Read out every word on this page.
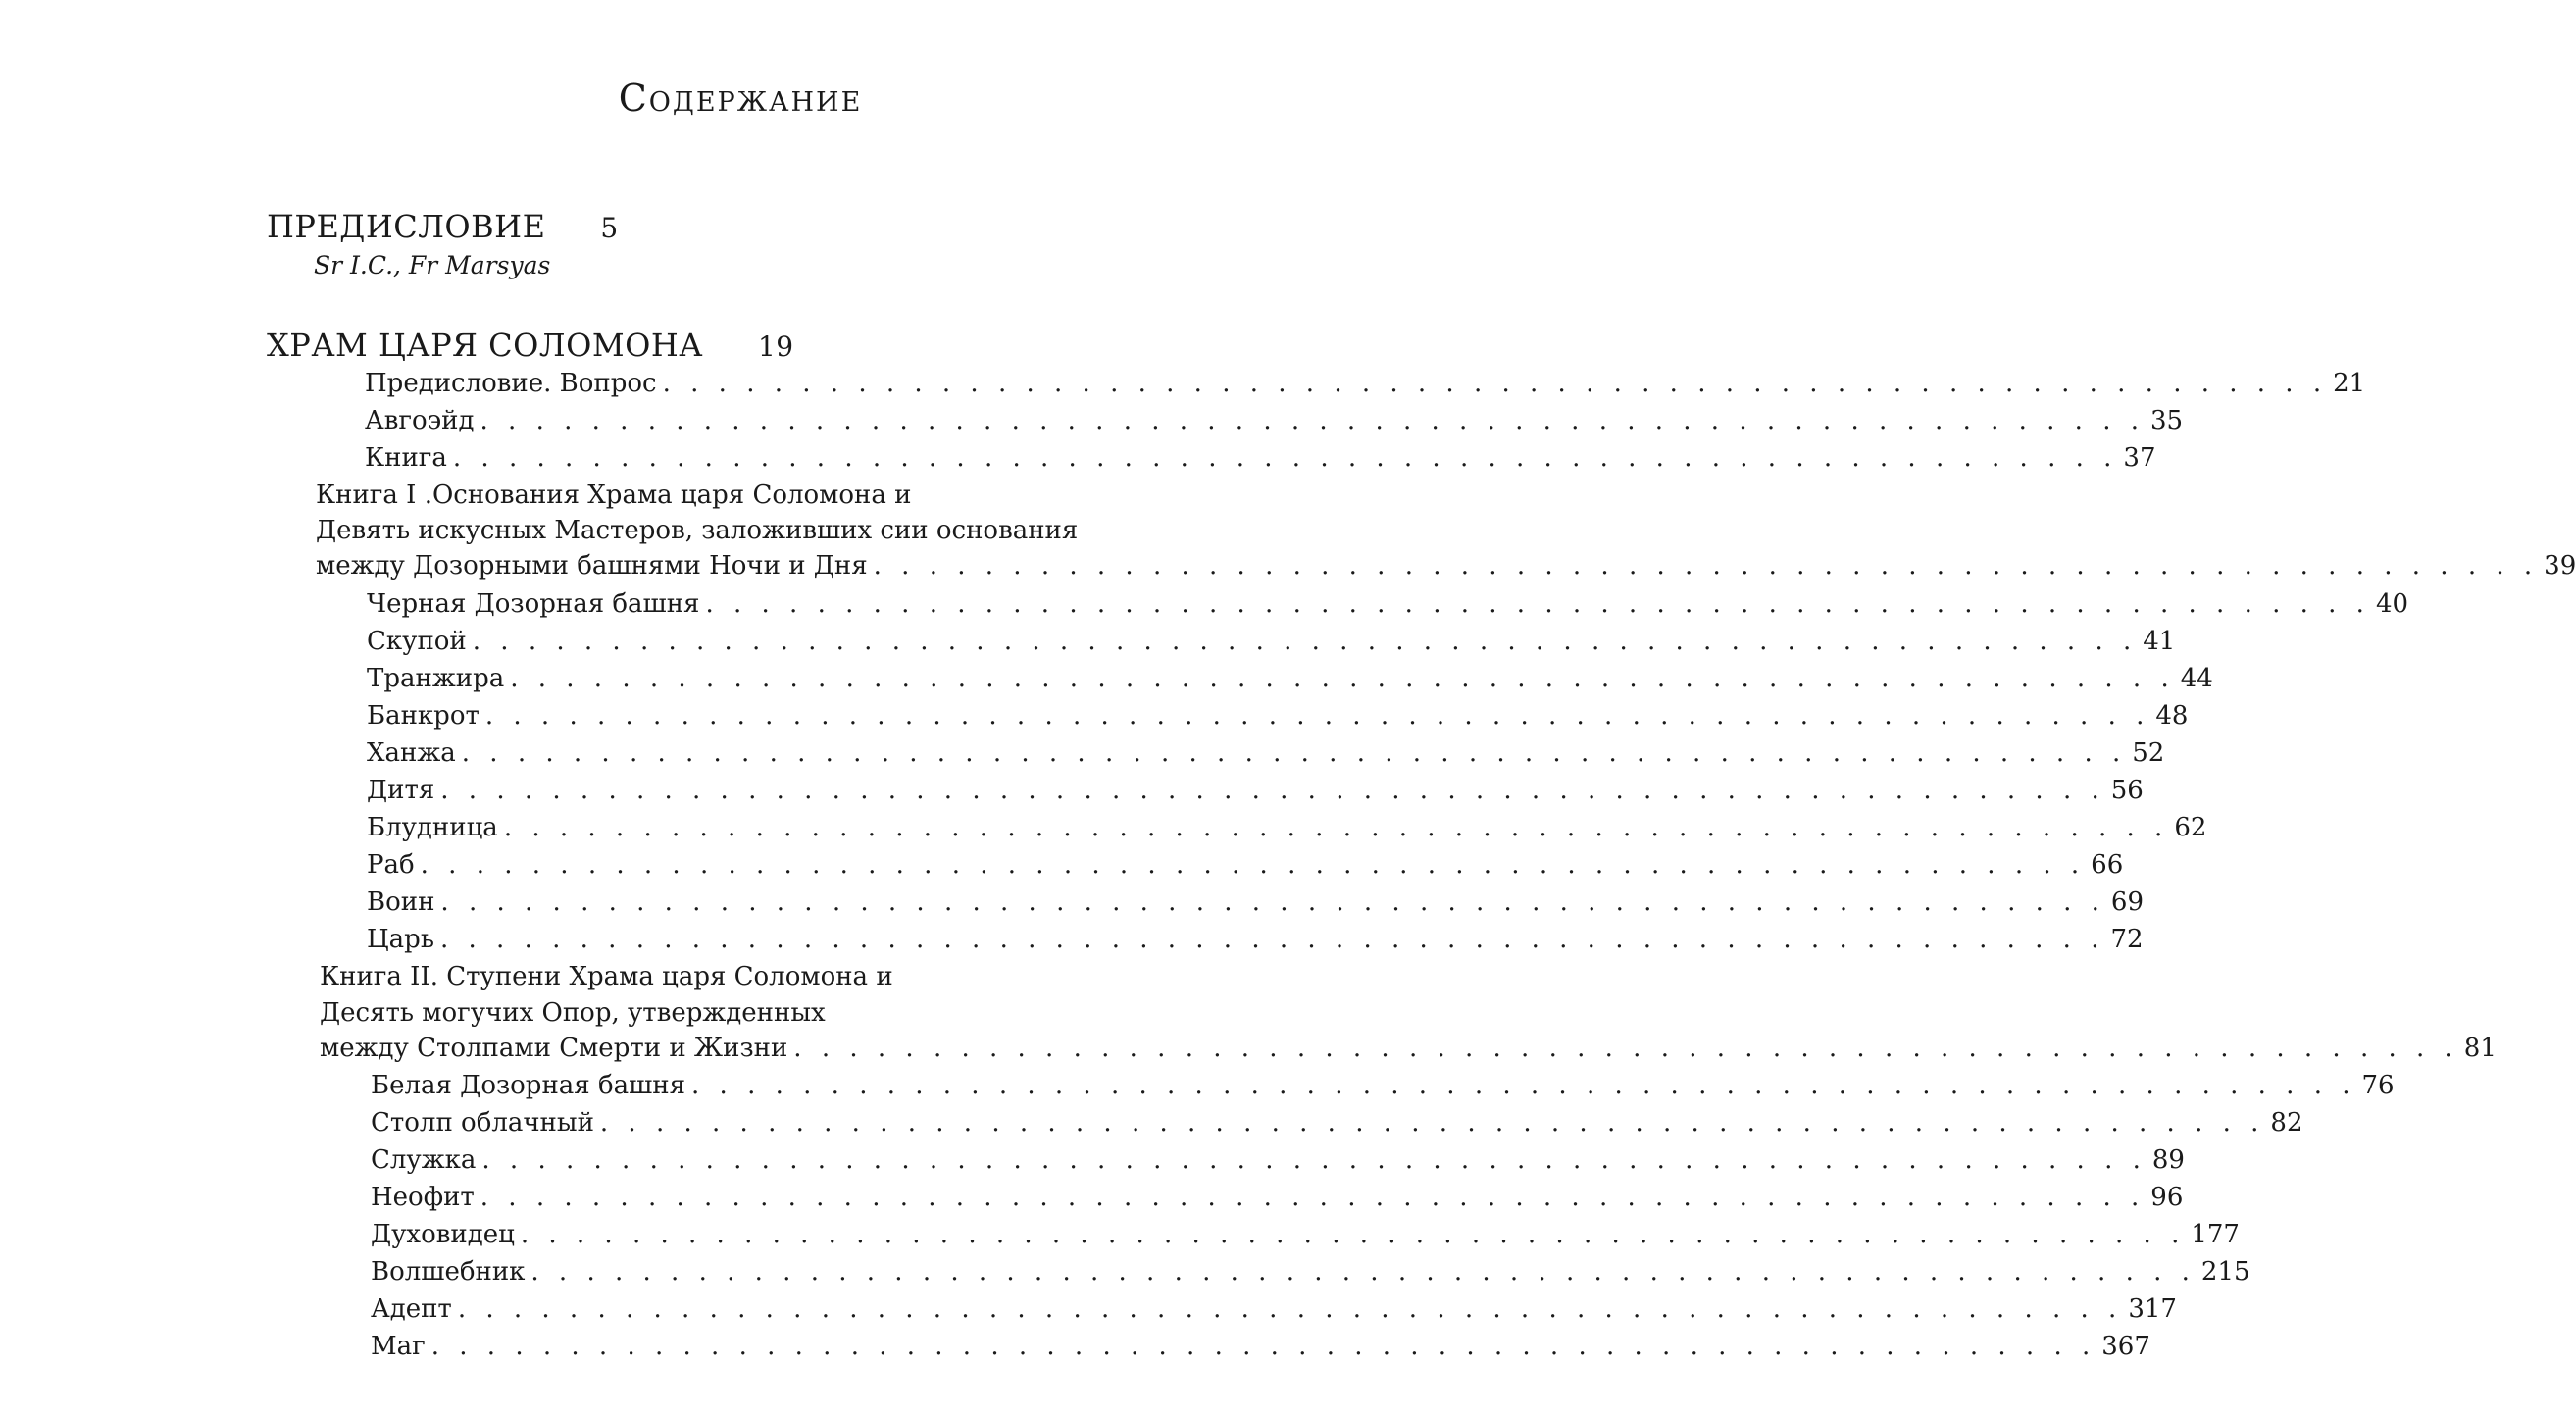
Содержание
ПРЕДИСЛОВИЕ 5
Sr I.C., Fr Marsyas
ХРАМ ЦАРЯ СОЛОМОНА 19
Предисловие. Вопрос . . . . . . . . . . . . . . . . . . . . . . . . . . . . . . . . . . . . . . . . . . . . . . . . . . . . . . . . . . . . 21
Авгоэйд . . . . . . . . . . . . . . . . . . . . . . . . . . . . . . . . . . . . . . . . . . . . . . . . . . . . . . . . . . . . 35
Книга . . . . . . . . . . . . . . . . . . . . . . . . . . . . . . . . . . . . . . . . . . . . . . . . . . . . . . . . . . . . 37
Книга I .Основания Храма царя Соломона и
Девять искусных Мастеров, заложивших сии основания
между Дозорными башнями Ночи и Дня . . . . . . . . . . . . . . . . . . . . . . . . . . . . . . . . . . . . . . . . . . . . . . . . . . . . . . . . . . . . 39
Черная Дозорная башня . . . . . . . . . . . . . . . . . . . . . . . . . . . . . . . . . . . . . . . . . . . . . . . . . . . . . . . . . . . . 40
Скупой . . . . . . . . . . . . . . . . . . . . . . . . . . . . . . . . . . . . . . . . . . . . . . . . . . . . . . . . . . . . 41
Транжира . . . . . . . . . . . . . . . . . . . . . . . . . . . . . . . . . . . . . . . . . . . . . . . . . . . . . . . . . . . . 44
Банкрот . . . . . . . . . . . . . . . . . . . . . . . . . . . . . . . . . . . . . . . . . . . . . . . . . . . . . . . . . . . . 48
Ханжа . . . . . . . . . . . . . . . . . . . . . . . . . . . . . . . . . . . . . . . . . . . . . . . . . . . . . . . . . . . . 52
Дитя . . . . . . . . . . . . . . . . . . . . . . . . . . . . . . . . . . . . . . . . . . . . . . . . . . . . . . . . . . . . 56
Блудница . . . . . . . . . . . . . . . . . . . . . . . . . . . . . . . . . . . . . . . . . . . . . . . . . . . . . . . . . . . . 62
Раб . . . . . . . . . . . . . . . . . . . . . . . . . . . . . . . . . . . . . . . . . . . . . . . . . . . . . . . . . . . . 66
Воин . . . . . . . . . . . . . . . . . . . . . . . . . . . . . . . . . . . . . . . . . . . . . . . . . . . . . . . . . . . . 69
Царь . . . . . . . . . . . . . . . . . . . . . . . . . . . . . . . . . . . . . . . . . . . . . . . . . . . . . . . . . . . . 72
Книга II. Ступени Храма царя Соломона и
Десять могучих Опор, утвержденных
между Столпами Смерти и Жизни . . . . . . . . . . . . . . . . . . . . . . . . . . . . . . . . . . . . . . . . . . . . . . . . . . . . . . . . . . . . 81
Белая Дозорная башня . . . . . . . . . . . . . . . . . . . . . . . . . . . . . . . . . . . . . . . . . . . . . . . . . . . . . . . . . . . . 76
Столп облачный . . . . . . . . . . . . . . . . . . . . . . . . . . . . . . . . . . . . . . . . . . . . . . . . . . . . . . . . . . . . 82
Служка . . . . . . . . . . . . . . . . . . . . . . . . . . . . . . . . . . . . . . . . . . . . . . . . . . . . . . . . . . . . 89
Неофит . . . . . . . . . . . . . . . . . . . . . . . . . . . . . . . . . . . . . . . . . . . . . . . . . . . . . . . . . . . . 96
Духовидец . . . . . . . . . . . . . . . . . . . . . . . . . . . . . . . . . . . . . . . . . . . . . . . . . . . . . . . . . . . . 177
Волшебник . . . . . . . . . . . . . . . . . . . . . . . . . . . . . . . . . . . . . . . . . . . . . . . . . . . . . . . . . . . . 215
Адепт . . . . . . . . . . . . . . . . . . . . . . . . . . . . . . . . . . . . . . . . . . . . . . . . . . . . . . . . . . . . 317
Маг . . . . . . . . . . . . . . . . . . . . . . . . . . . . . . . . . . . . . . . . . . . . . . . . . . . . . . . . . . . . 367
